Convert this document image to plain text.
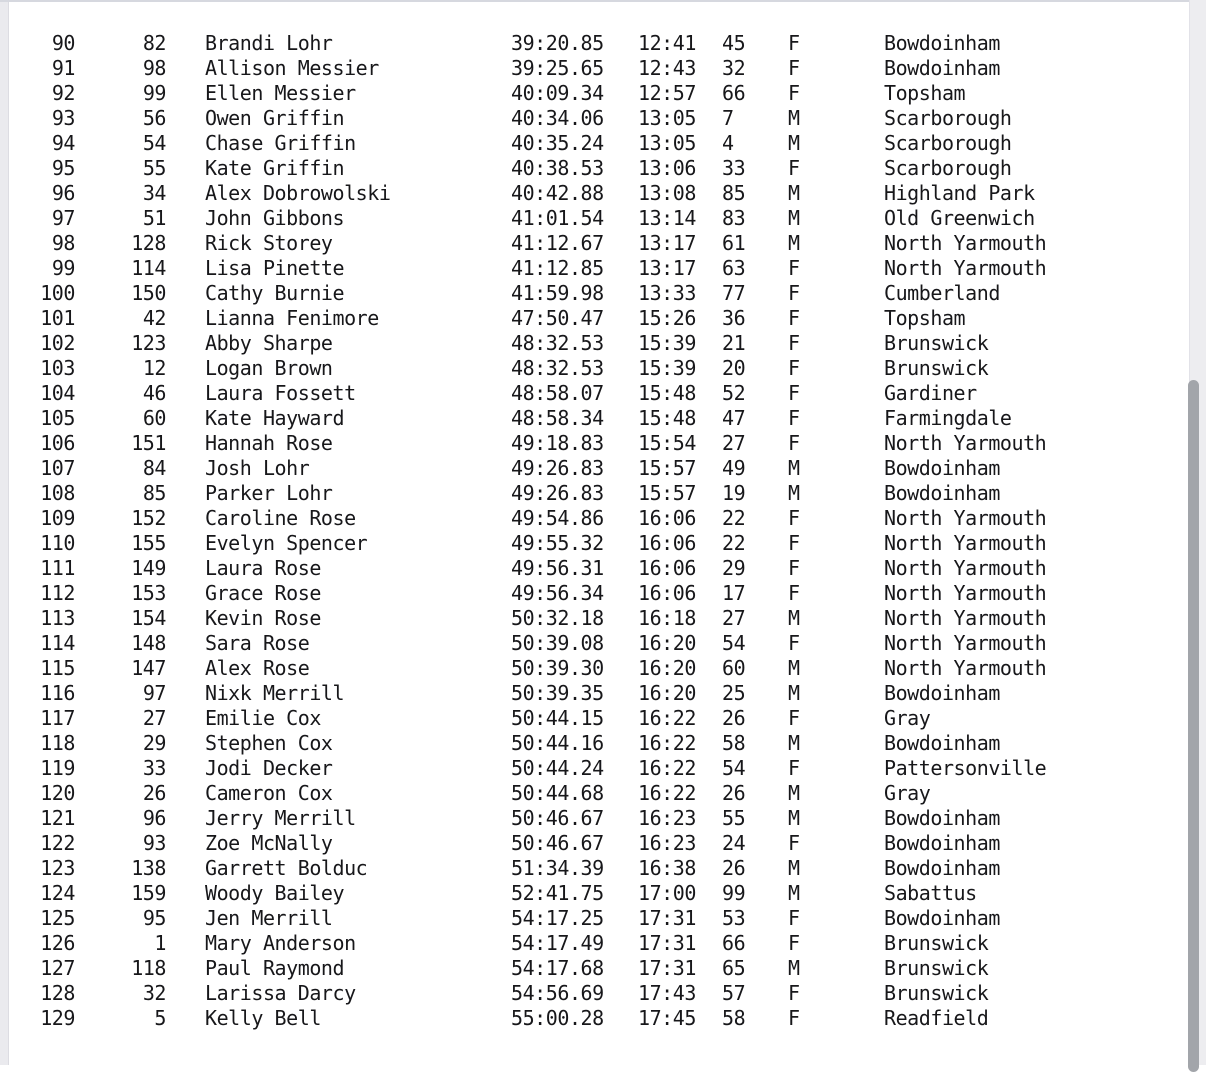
90	82	Brandi Lohr	39:20.85	12:41	45	F	Bowdoinham
91	98	Allison Messier	39:25.65	12:43	32	F	Bowdoinham
92	99	Ellen Messier	40:09.34	12:57	66	F	Topsham
93	56	Owen Griffin	40:34.06	13:05	7	M	Scarborough
94	54	Chase Griffin	40:35.24	13:05	4	M	Scarborough
95	55	Kate Griffin	40:38.53	13:06	33	F	Scarborough
96	34	Alex Dobrowolski	40:42.88	13:08	85	M	Highland Park
97	51	John Gibbons	41:01.54	13:14	83	M	Old Greenwich
98	128	Rick Storey	41:12.67	13:17	61	M	North Yarmouth
99	114	Lisa Pinette	41:12.85	13:17	63	F	North Yarmouth
100	150	Cathy Burnie	41:59.98	13:33	77	F	Cumberland
101	42	Lianna Fenimore	47:50.47	15:26	36	F	Topsham
102	123	Abby Sharpe	48:32.53	15:39	21	F	Brunswick
103	12	Logan Brown	48:32.53	15:39	20	F	Brunswick
104	46	Laura Fossett	48:58.07	15:48	52	F	Gardiner
105	60	Kate Hayward	48:58.34	15:48	47	F	Farmingdale
106	151	Hannah Rose	49:18.83	15:54	27	F	North Yarmouth
107	84	Josh Lohr	49:26.83	15:57	49	M	Bowdoinham
108	85	Parker Lohr	49:26.83	15:57	19	M	Bowdoinham
109	152	Caroline Rose	49:54.86	16:06	22	F	North Yarmouth
110	155	Evelyn Spencer	49:55.32	16:06	22	F	North Yarmouth
111	149	Laura Rose	49:56.31	16:06	29	F	North Yarmouth
112	153	Grace Rose	49:56.34	16:06	17	F	North Yarmouth
113	154	Kevin Rose	50:32.18	16:18	27	M	North Yarmouth
114	148	Sara Rose	50:39.08	16:20	54	F	North Yarmouth
115	147	Alex Rose	50:39.30	16:20	60	M	North Yarmouth
116	97	Nixk Merrill	50:39.35	16:20	25	M	Bowdoinham
117	27	Emilie Cox	50:44.15	16:22	26	F	Gray
118	29	Stephen Cox	50:44.16	16:22	58	M	Bowdoinham
119	33	Jodi Decker	50:44.24	16:22	54	F	Pattersonville
120	26	Cameron Cox	50:44.68	16:22	26	M	Gray
121	96	Jerry Merrill	50:46.67	16:23	55	M	Bowdoinham
122	93	Zoe McNally	50:46.67	16:23	24	F	Bowdoinham
123	138	Garrett Bolduc	51:34.39	16:38	26	M	Bowdoinham
124	159	Woody Bailey	52:41.75	17:00	99	M	Sabattus
125	95	Jen Merrill	54:17.25	17:31	53	F	Bowdoinham
126	1	Mary Anderson	54:17.49	17:31	66	F	Brunswick
127	118	Paul Raymond	54:17.68	17:31	65	M	Brunswick
128	32	Larissa Darcy	54:56.69	17:43	57	F	Brunswick
129	5	Kelly Bell	55:00.28	17:45	58	F	Readfield
